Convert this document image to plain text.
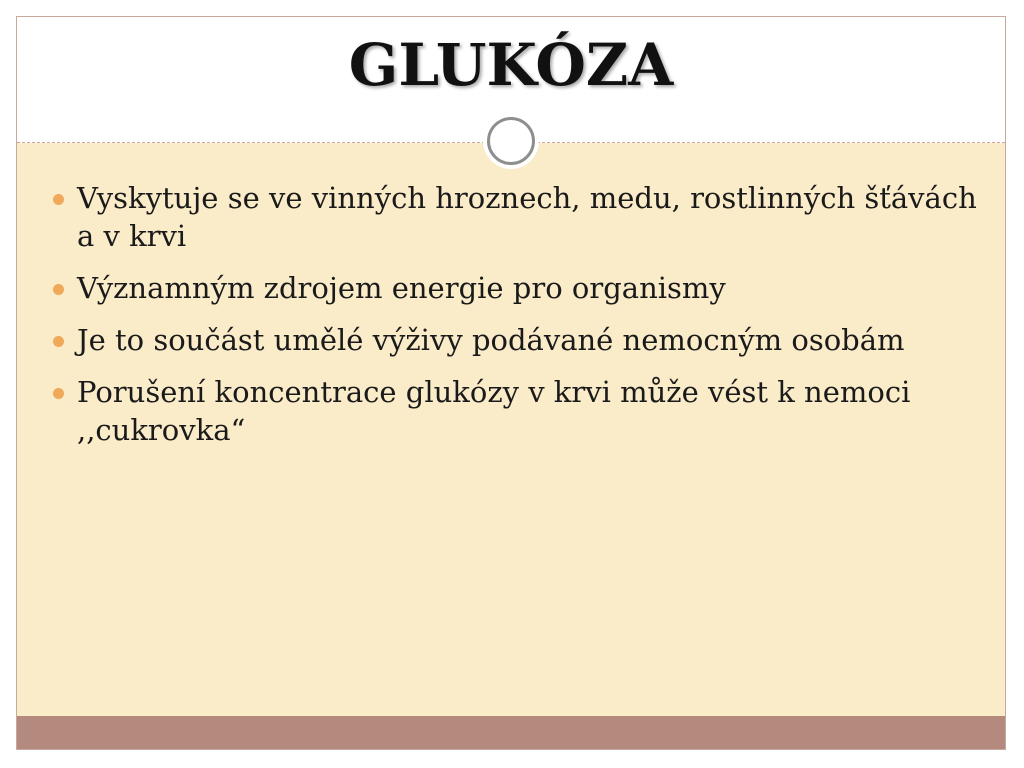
GLUKÓZA
Vyskytuje se ve vinných hroznech, medu, rostlinných šťávách a v krvi
Významným zdrojem energie pro organismy
Je to součást umělé výživy podávané nemocným osobám
Porušení koncentrace glukózy v krvi může vést k nemoci ,,cukrovka“
